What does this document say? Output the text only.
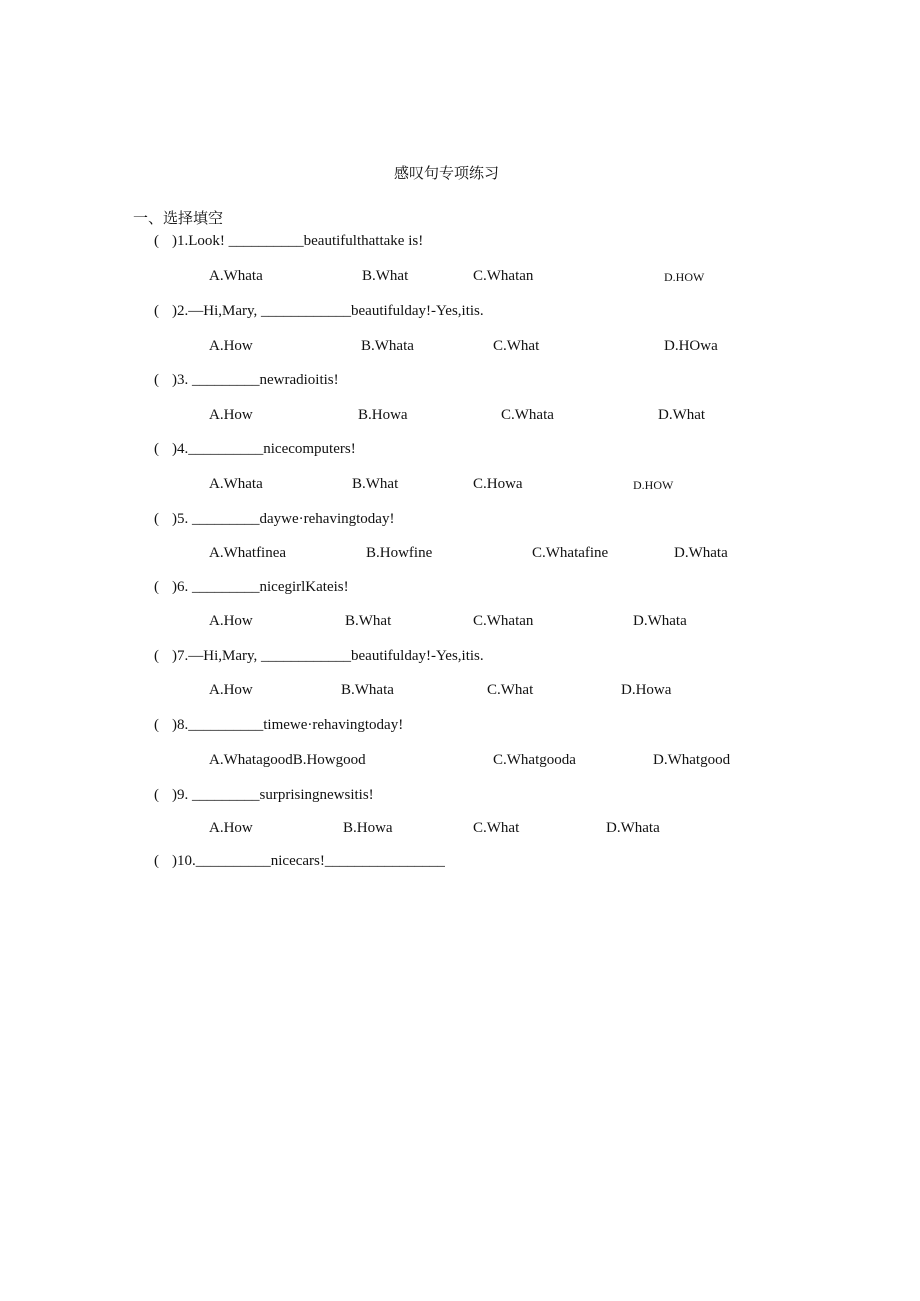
感叹句专项练习
一、选择填空
( )1.Look! __________beautifulthattake is!
A.Whata	B.What	C.Whatan	D.HOW
( )2.—Hi,Mary, ____________beautifulday!-Yes,itis.
A.How	B.Whata	C.What	D.HOwa
( )3. _________newradioitis!
A.How	B.Howa	C.Whata	D.What
( )4.__________nicecomputers!
A.Whata	B.What	C.Howa	D.HOW
( )5. _________daywe·rehavingtoday!
A.Whatfinea	B.Howfine	C.Whatafine	D.Whata
( )6. _________nicegirlKateis!
A.How	B.What	C.Whatan	D.Whata
( )7.—Hi,Mary, ____________beautifulday!-Yes,itis.
A.How	B.Whata	C.What	D.Howa
( )8.__________timewe·rehavingtoday!
A.WhatagoodB.Howgood	C.Whatgooda	D.Whatgood
( )9. _________surprisingnewsitis!
A.How	B.Howa	C.What	D.Whata
( )10.__________nicecars!________________
